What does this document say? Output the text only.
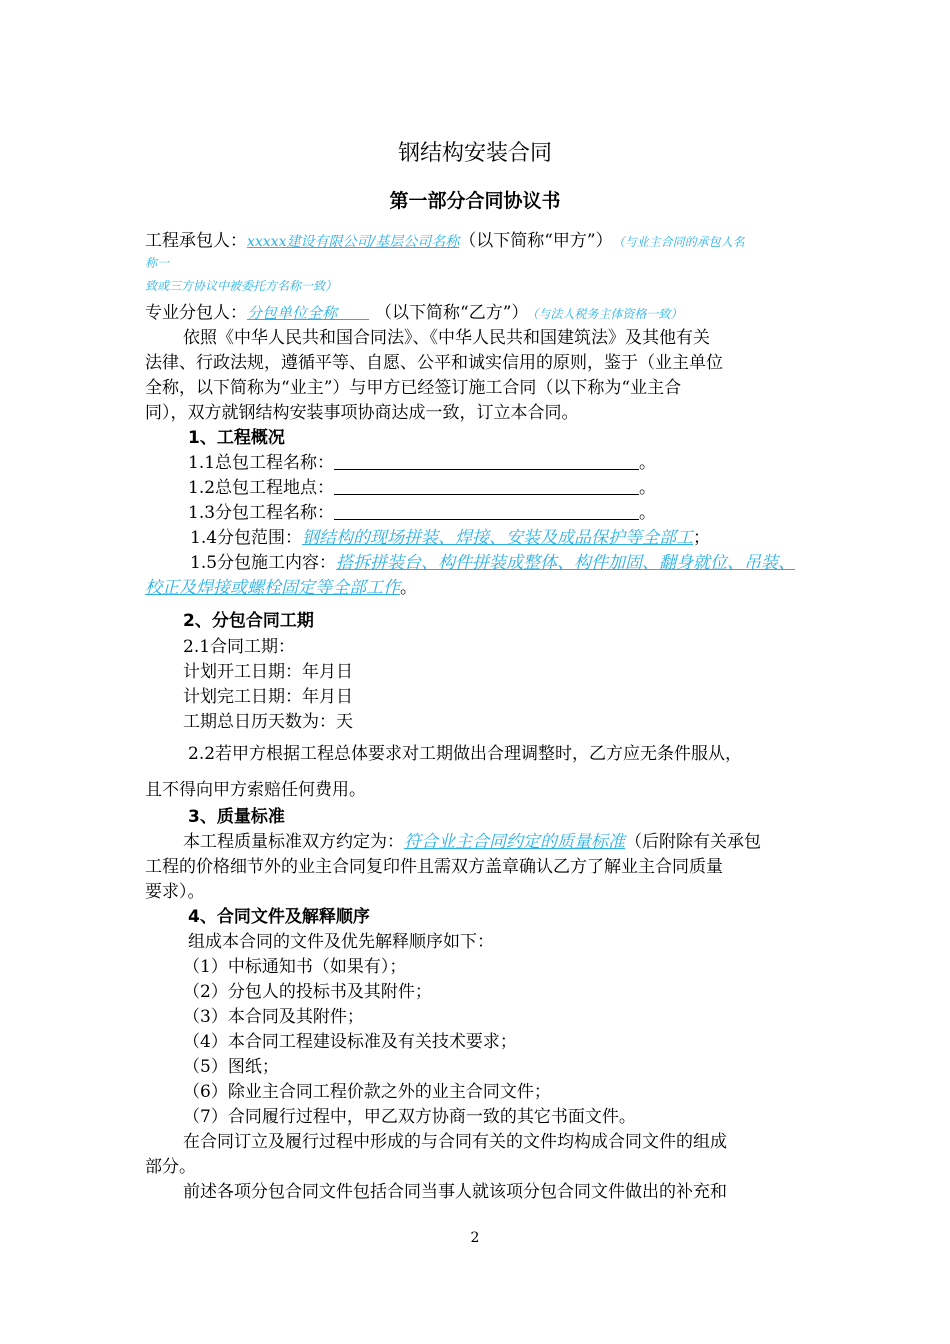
钢结构安装合同
第一部分合同协议书
工程承包人：xxxxx建设有限公司/基层公司名称（以下简称“甲方”） （与业主合同的承包人名
称一
致或三方协议中被委托方名称一致）
专业分包人：分包单位全称 （以下简称“乙方”） （与法人税务主体资格一致）
依照《中华人民共和国合同法》、《中华人民共和国建筑法》及其他有关
法律、行政法规，遵循平等、自愿、公平和诚实信用的原则，鉴于（业主单位
全称，以下简称为“业主”）与甲方已经签订施工合同（以下称为“业主合
同），双方就钢结构安装事项协商达成一致，订立本合同。
1、工程概况
1.1总包工程名称：	。
1.2总包工程地点：	。
1.3分包工程名称：	。
1.4分包范围：钢结构的现场拼装、焊接、安装及成品保护等全部工；
1.5分包施工内容：搭拆拼装台、构件拼装成整体、构件加固、翻身就位、吊装、
校正及焊接或螺栓固定等全部工作。
2、分包合同工期
2.1合同工期：
计划开工日期：年月日
计划完工日期：年月日
工期总日历天数为：天
2.2若甲方根据工程总体要求对工期做出合理调整时，乙方应无条件服从，
且不得向甲方索赔任何费用。
3、质量标准
本工程质量标准双方约定为：符合业主合同约定的质量标准（后附除有关承包
工程的价格细节外的业主合同复印件且需双方盖章确认乙方了解业主合同质量
要求）。
4、合同文件及解释顺序
组成本合同的文件及优先解释顺序如下：
（1）中标通知书（如果有）；
（2）分包人的投标书及其附件；
（3）本合同及其附件；
（4）本合同工程建设标准及有关技术要求；
（5）图纸；
（6）除业主合同工程价款之外的业主合同文件；
（7）合同履行过程中，甲乙双方协商一致的其它书面文件。
在合同订立及履行过程中形成的与合同有关的文件均构成合同文件的组成
部分。
前述各项分包合同文件包括合同当事人就该项分包合同文件做出的补充和
2
